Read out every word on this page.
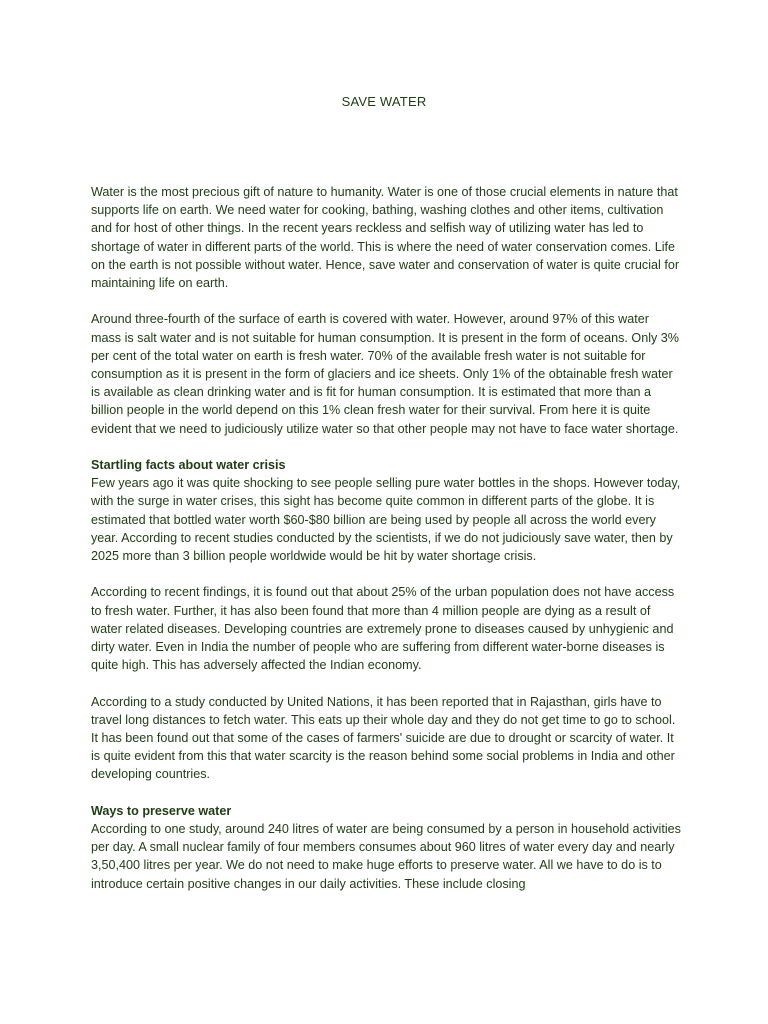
SAVE WATER

Water is the most precious gift of nature to humanity. Water is one of those crucial elements in nature that supports life on earth. We need water for cooking, bathing, washing clothes and other items, cultivation and for host of other things. In the recent years reckless and selfish way of utilizing water has led to shortage of water in different parts of the world. This is where the need of water conservation comes. Life on the earth is not possible without water. Hence, save water and conservation of water is quite crucial for maintaining life on earth.

Around three-fourth of the surface of earth is covered with water. However, around 97% of this water mass is salt water and is not suitable for human consumption. It is present in the form of oceans. Only 3% per cent of the total water on earth is fresh water. 70% of the available fresh water is not suitable for consumption as it is present in the form of glaciers and ice sheets. Only 1% of the obtainable fresh water is available as clean drinking water and is fit for human consumption. It is estimated that more than a billion people in the world depend on this 1% clean fresh water for their survival. From here it is quite evident that we need to judiciously utilize water so that other people may not have to face water shortage.

Startling facts about water crisis

Few years ago it was quite shocking to see people selling pure water bottles in the shops. However today, with the surge in water crises, this sight has become quite common in different parts of the globe. It is estimated that bottled water worth $60-$80 billion are being used by people all across the world every year. According to recent studies conducted by the scientists, if we do not judiciously save water, then by 2025 more than 3 billion people worldwide would be hit by water shortage crisis.

According to recent findings, it is found out that about 25% of the urban population does not have access to fresh water. Further, it has also been found that more than 4 million people are dying as a result of water related diseases. Developing countries are extremely prone to diseases caused by unhygienic and dirty water. Even in India the number of people who are suffering from different water-borne diseases is quite high. This has adversely affected the Indian economy.

According to a study conducted by United Nations, it has been reported that in Rajasthan, girls have to travel long distances to fetch water. This eats up their whole day and they do not get time to go to school. It has been found out that some of the cases of farmers' suicide are due to drought or scarcity of water. It is quite evident from this that water scarcity is the reason behind some social problems in India and other developing countries.

Ways to preserve water

According to one study, around 240 litres of water are being consumed by a person in household activities per day. A small nuclear family of four members consumes about 960 litres of water every day and nearly 3,50,400 litres per year. We do not need to make huge efforts to preserve water. All we have to do is to introduce certain positive changes in our daily activities. These include closing
